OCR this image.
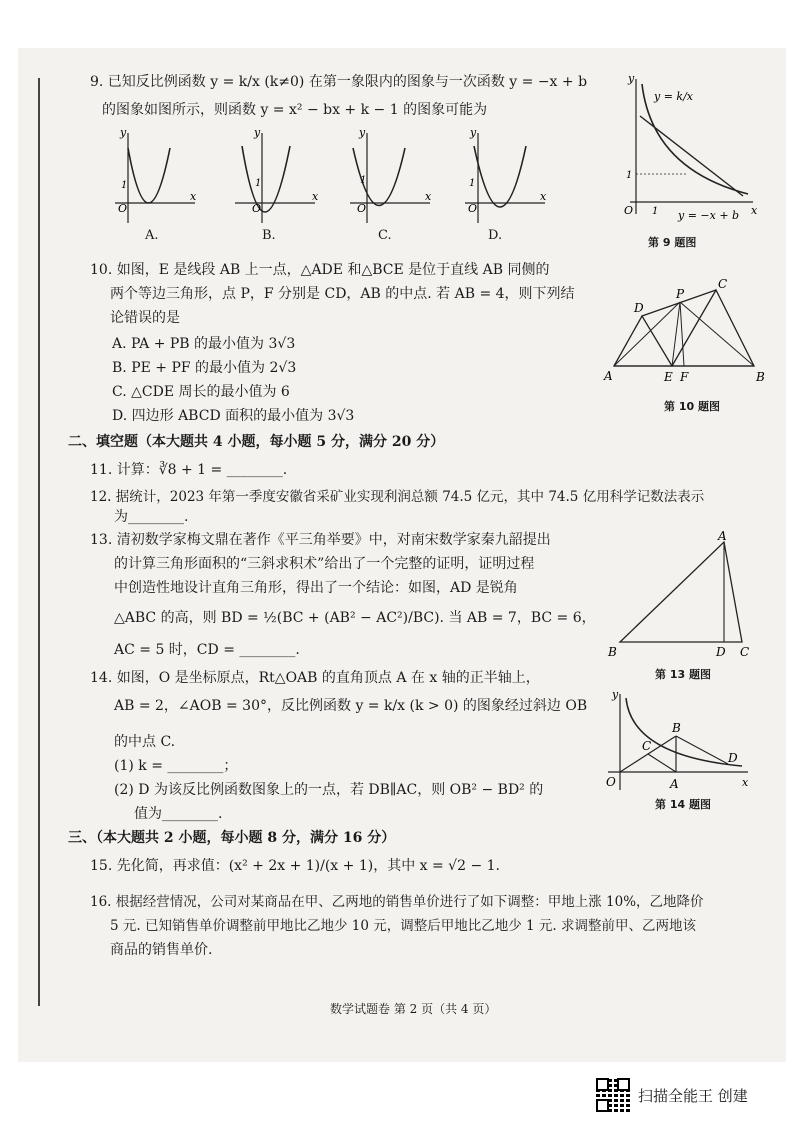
9. 已知反比例函数 y = k/x (k≠0) 在第一象限内的图象与一次函数 y = −x + b
的图象如图所示，则函数 y = x² − bx + k − 1 的图象可能为
y
x
O
1
y
x
O
1
y
x
O
1
y
x
O
1
A.	B.	C.	D.
y
x
O
1
1
y = k/x
y = −x + b
第 9 题图
10. 如图，E 是线段 AB 上一点，△ADE 和△BCE 是位于直线 AB 同侧的
两个等边三角形，点 P，F 分别是 CD，AB 的中点. 若 AB = 4，则下列结
论错误的是
A. PA + PB 的最小值为 3√3
B. PE + PF 的最小值为 2√3
C. △CDE 周长的最小值为 6
D. 四边形 ABCD 面积的最小值为 3√3
A
D
P
C
E F	B
第 10 题图
二、填空题（本大题共 4 小题，每小题 5 分，满分 20 分）
11. 计算：∛8 + 1 = ________.
12. 据统计，2023 年第一季度安徽省采矿业实现利润总额 74.5 亿元，其中 74.5 亿用科学记数法表示
为________.
13. 清初数学家梅文鼎在著作《平三角举要》中，对南宋数学家秦九韶提出
的计算三角形面积的“三斜求积术”给出了一个完整的证明，证明过程
中创造性地设计直角三角形，得出了一个结论：如图，AD 是锐角
△ABC 的高，则 BD = ½(BC + (AB² − AC²)/BC). 当 AB = 7，BC = 6，
AC = 5 时，CD = ________.	B
A
D C
第 13 题图
14. 如图，O 是坐标原点，Rt△OAB 的直角顶点 A 在 x 轴的正半轴上，
AB = 2，∠AOB = 30°，反比例函数 y = k/x (k > 0) 的图象经过斜边 OB
的中点 C.
(1) k = ________；
(2) D 为该反比例函数图象上的一点，若 DB∥AC，则 OB² − BD² 的
值为________.
y
x
O
C
B
A
D
第 14 题图
三、（本大题共 2 小题，每小题 8 分，满分 16 分）
15. 先化简，再求值：(x² + 2x + 1)/(x + 1)，其中 x = √2 − 1.
16. 根据经营情况，公司对某商品在甲、乙两地的销售单价进行了如下调整：甲地上涨 10%，乙地降价
5 元. 已知销售单价调整前甲地比乙地少 10 元，调整后甲地比乙地少 1 元. 求调整前甲、乙两地该
商品的销售单价.
数学试题卷 第 2 页（共 4 页）
扫描全能王 创建
